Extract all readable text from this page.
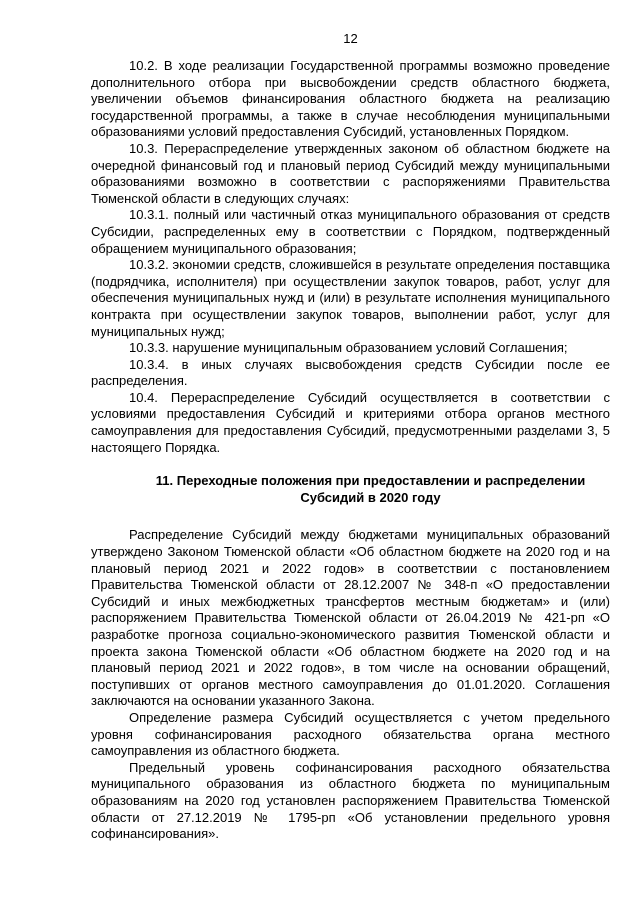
12

10.2. В ходе реализации Государственной программы возможно проведение дополнительного отбора при высвобождении средств областного бюджета, увеличении объемов финансирования областного бюджета на реализацию государственной программы, а также в случае несоблюдения муниципальными образованиями условий предоставления Субсидий, установленных Порядком.

10.3. Перераспределение утвержденных законом об областном бюджете на очередной финансовый год и плановый период Субсидий между муниципальными образованиями возможно в соответствии с распоряжениями Правительства Тюменской области в следующих случаях:

10.3.1. полный или частичный отказ муниципального образования от средств Субсидии, распределенных ему в соответствии с Порядком, подтвержденный обращением муниципального образования;

10.3.2. экономии средств, сложившейся в результате определения поставщика (подрядчика, исполнителя) при осуществлении закупок товаров, работ, услуг для обеспечения муниципальных нужд и (или) в результате исполнения муниципального контракта при осуществлении закупок товаров, выполнении работ, услуг для муниципальных нужд;

10.3.3. нарушение муниципальным образованием условий Соглашения;

10.3.4. в иных случаях высвобождения средств Субсидии после ее распределения.

10.4. Перераспределение Субсидий осуществляется в соответствии с условиями предоставления Субсидий и критериями отбора органов местного самоуправления для предоставления Субсидий, предусмотренными разделами 3, 5 настоящего Порядка.

11. Переходные положения при предоставлении и распределении Субсидий в 2020 году

Распределение Субсидий между бюджетами муниципальных образований утверждено Законом Тюменской области «Об областном бюджете на 2020 год и на плановый период 2021 и 2022 годов» в соответствии с постановлением Правительства Тюменской области от 28.12.2007 № 348-п «О предоставлении Субсидий и иных межбюджетных трансфертов местным бюджетам» и (или) распоряжением Правительства Тюменской области от 26.04.2019 № 421-рп «О разработке прогноза социально-экономического развития Тюменской области и проекта закона Тюменской области «Об областном бюджете на 2020 год и на плановый период 2021 и 2022 годов», в том числе на основании обращений, поступивших от органов местного самоуправления до 01.01.2020. Соглашения заключаются на основании указанного Закона.

Определение размера Субсидий осуществляется с учетом предельного уровня софинансирования расходного обязательства органа местного самоуправления из областного бюджета.

Предельный уровень софинансирования расходного обязательства муниципального образования из областного бюджета по муниципальным образованиям на 2020 год установлен распоряжением Правительства Тюменской области от 27.12.2019 № 1795-рп «Об установлении предельного уровня софинансирования».
